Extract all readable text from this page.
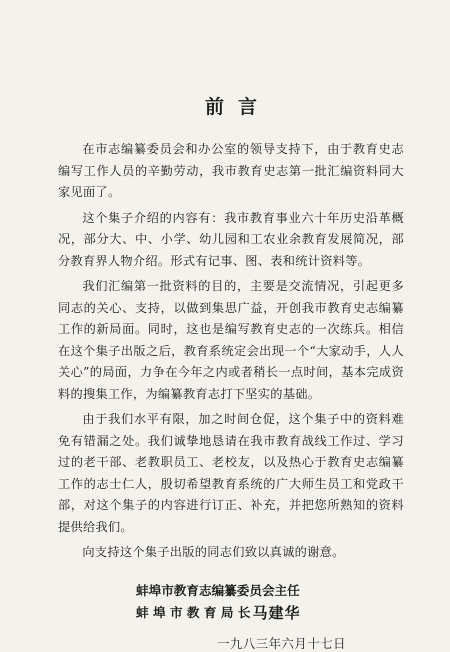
前言

在市志编纂委员会和办公室的领导支持下，由于教育史志编写工作人员的辛勤劳动，我市教育史志第一批汇编资料同大家见面了。

这个集子介绍的内容有：我市教育事业六十年历史沿革概况，部分大、中、小学、幼儿园和工农业余教育发展简况，部分教育界人物介绍。形式有记事、图、表和统计资料等。

我们汇编第一批资料的目的，主要是交流情况，引起更多同志的关心、支持，以做到集思广益，开创我市教育史志编纂工作的新局面。同时，这也是编写教育史志的一次练兵。相信在这个集子出版之后，教育系统定会出现一个“大家动手，人人关心”的局面，力争在今年之内或者稍长一点时间，基本完成资料的搜集工作，为编纂教育志打下坚实的基础。

由于我们水平有限，加之时间仓促，这个集子中的资料难免有错漏之处。我们诚挚地恳请在我市教育战线工作过、学习过的老干部、老教职员工、老校友，以及热心于教育史志编纂工作的志士仁人，殷切希望教育系统的广大师生员工和党政干部，对这个集子的内容进行订正、补充，并把您所熟知的资料提供给我们。

向支持这个集子出版的同志们致以真诚的谢意。

蚌埠市教育志编纂委员会主任
蚌 埠 市 教 育 局 长 马建华
一九八三年六月十七日
